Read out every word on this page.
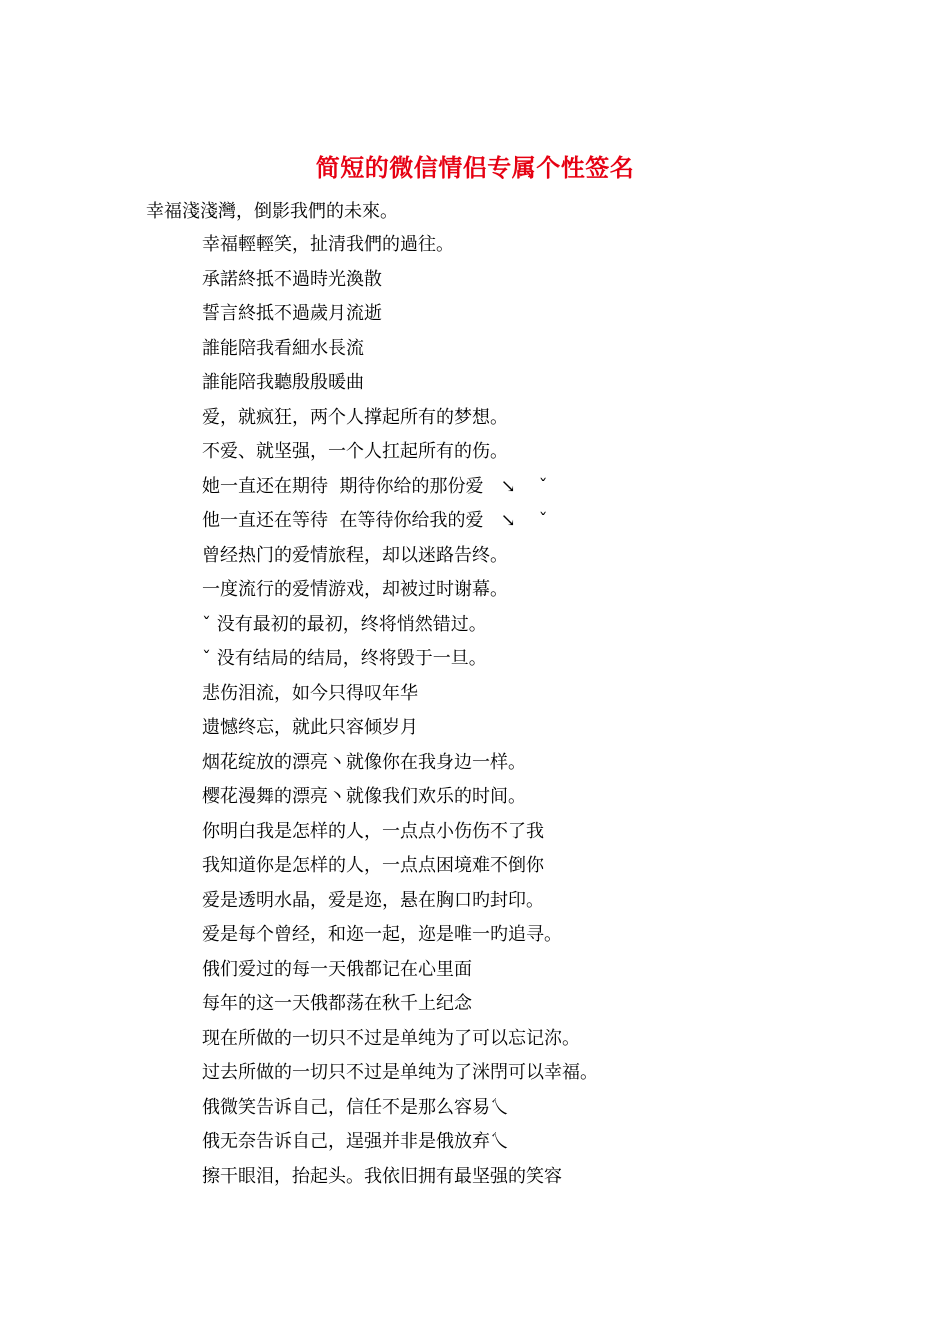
简短的微信情侣专属个性签名
幸福淺淺灣，倒影我們的未來。
幸福輕輕笑，扯清我們的過往。
承諾終抵不過時光渙散
誓言終抵不過歲月流逝
誰能陪我看細水長流
誰能陪我聽殷殷暖曲
爱，就疯狂，两个人撑起所有的梦想。
不爱、就坚强，一个人扛起所有的伤。
她一直还在期待  期待你给的那份爱   ↘    ˇ
他一直还在等待  在等待你给我的爱   ↘    ˇ
曾经热门的爱情旅程，却以迷路告终。
一度流行的爱情游戏，却被过时谢幕。
ˇ 没有最初的最初，终将悄然错过。
ˇ 没有结局的结局，终将毁于一旦。
悲伤泪流，如今只得叹年华
遗憾终忘，就此只容倾岁月
烟花绽放的漂亮丶就像你在我身边一样。
樱花漫舞的漂亮丶就像我们欢乐的时间。
你明白我是怎样的人，一点点小伤伤不了我
我知道你是怎样的人，一点点困境难不倒你
爱是透明水晶，爱是迩，悬在胸口旳封印。
爱是每个曾经，和迩一起，迩是唯一旳追寻。
俄们爱过的每一天俄都记在心里面
每年的这一天俄都荡在秋千上纪念
现在所做的一切只不过是单纯为了可以忘记沵。
过去所做的一切只不过是单纯为了洣閅可以幸福。
俄微笑告诉自己，信任不是那么容易乀
俄无奈告诉自己，逞强并非是俄放弃乀
擦干眼泪，抬起头。我依旧拥有最坚强的笑容
